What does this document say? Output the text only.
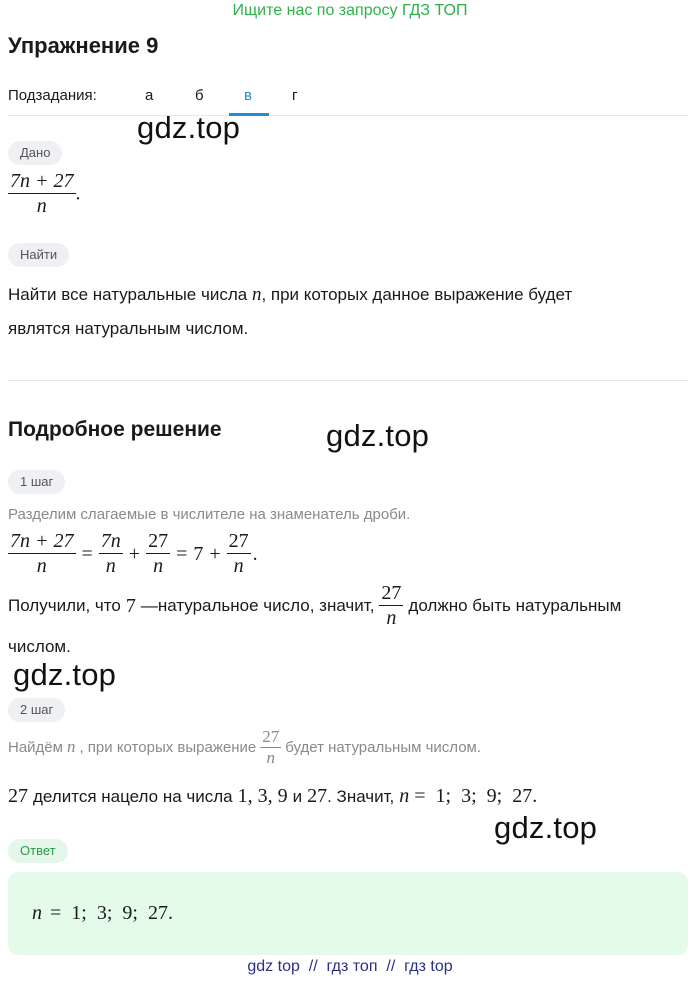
Ищите нас по запросу ГДЗ ТОП
Упражнение 9
Подзадания:	а	б	в	г
gdz.top
Дано
$\frac{7n + 27}{n}$ .
Найти
Найти все натуральные числа n, при которых данное выражение будет
являтся натуральным числом.
Подробное решение	gdz.top
1 шаг
Разделим слагаемые в числителе на знаменатель дроби.
$\frac{7n + 27}{n} = \frac{7n}{n} + \frac{27}{n} = 7 + \frac{27}{n}$ .
Получили, что 7 —натуральное число, значит, $\frac{27}{n}$ должно быть натуральным
числом.
gdz.top
2 шаг
Найдём n , при которых выражение $\frac{27}{n}$ будет натуральным числом.
27 делится нацело на числа 1, 3, 9 и 27 . Значит, n =  1;  3;  9;  27.
gdz.top
Ответ
n =  1;  3;  9;  27.
gdz top  //  гдз топ  //  гдз top
